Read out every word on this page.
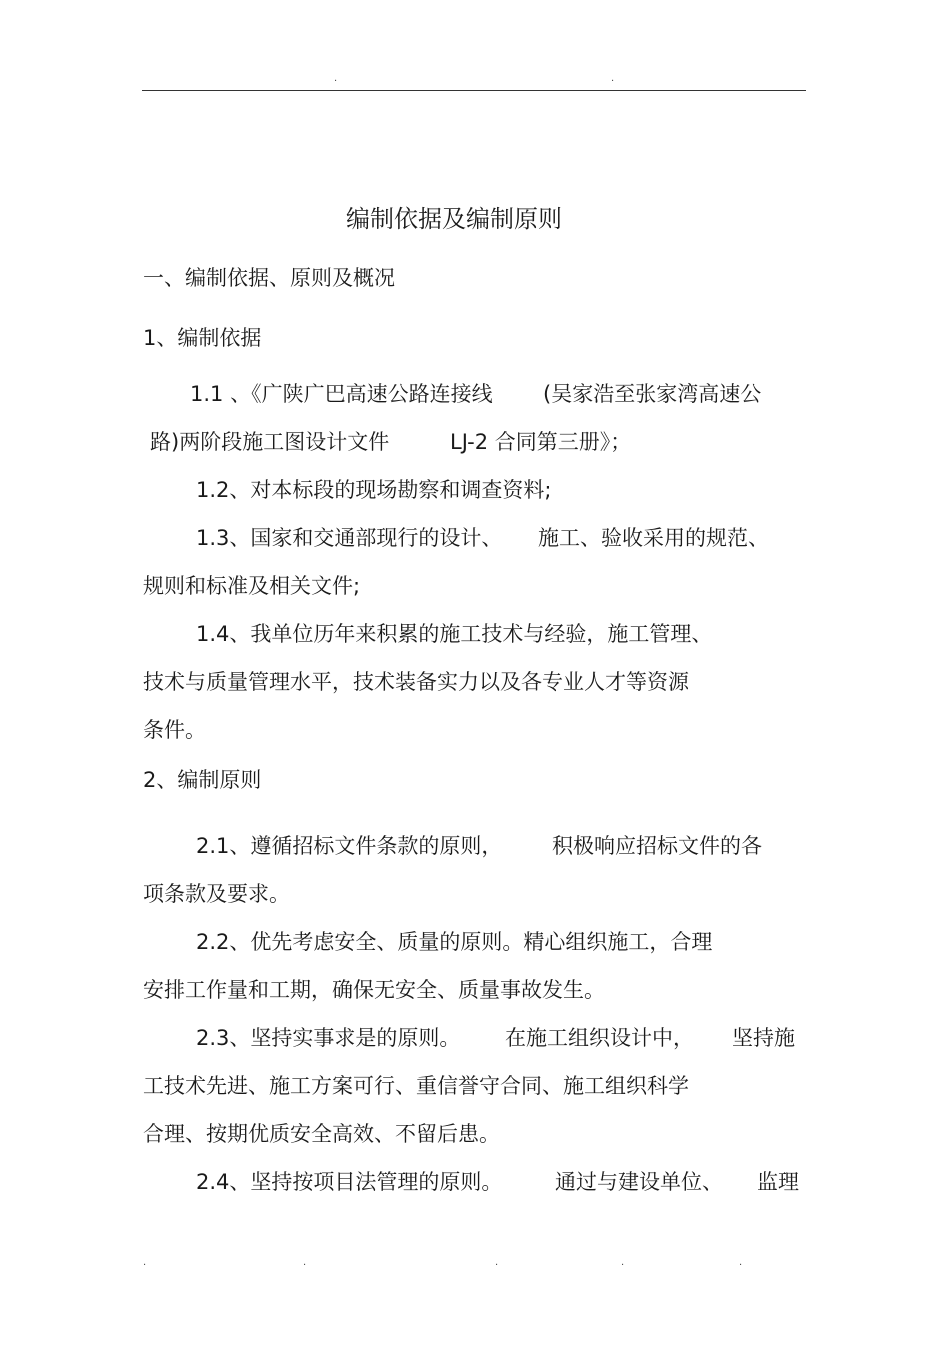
.	.
编制依据及编制原则
一、编制依据、原则及概况
1、编制依据
1.1 、《广陕广巴高速公路连接线 (吴家浩至张家湾高速公
路)两阶段施工图设计文件	LJ-2 合同第三册》；
1.2、对本标段的现场勘察和调查资料;
1.3、国家和交通部现行的设计、 施工、验收采用的规范、
规则和标准及相关文件;
1.4、我单位历年来积累的施工技术与经验，施工管理、
技术与质量管理水平，技术装备实力以及各专业人才等资源
条件。
2、编制原则
2.1、遵循招标文件条款的原则， 积极响应招标文件的各
项条款及要求。
2.2、优先考虑安全、质量的原则。精心组织施工，合理
安排工作量和工期，确保无安全、质量事故发生。
2.3、坚持实事求是的原则。 在施工组织设计中， 坚持施
工技术先进、施工方案可行、重信誉守合同、施工组织科学
合理、按期优质安全高效、不留后患。
2.4、坚持按项目法管理的原则。	通过与建设单位、 监理
.	.	.	.	.
